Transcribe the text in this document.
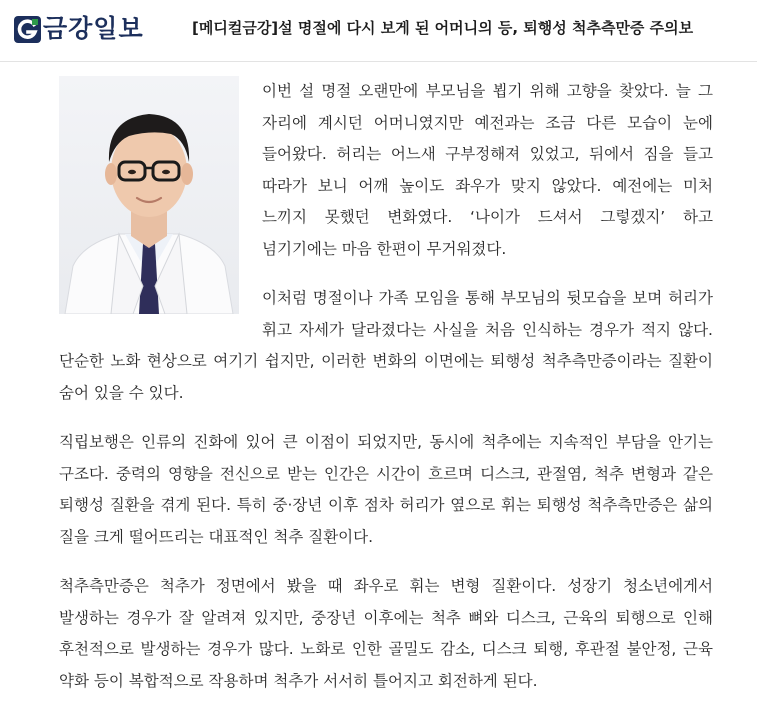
금강일보	[메디컬금강]설 명절에 다시 보게 된 어머니의 등, 퇴행성 척추측만증 주의보

이번 설 명절 오랜만에 부모님을 뵙기 위해 고향을 찾았다. 늘 그 자리에 계시던 어머니였지만 예전과는 조금 다른 모습이 눈에 들어왔다. 허리는 어느새 구부정해져 있었고, 뒤에서 짐을 들고 따라가 보니 어깨 높이도 좌우가 맞지 않았다. 예전에는 미처 느끼지 못했던 변화였다. ‘나이가 드셔서 그렇겠지’ 하고 넘기기에는 마음 한편이 무거워졌다.

이처럼 명절이나 가족 모임을 통해 부모님의 뒷모습을 보며 허리가 휘고 자세가 달라졌다는 사실을 처음 인식하는 경우가 적지 않다. 단순한 노화 현상으로 여기기 쉽지만, 이러한 변화의 이면에는 퇴행성 척추측만증이라는 질환이 숨어 있을 수 있다.

직립보행은 인류의 진화에 있어 큰 이점이 되었지만, 동시에 척추에는 지속적인 부담을 안기는 구조다. 중력의 영향을 전신으로 받는 인간은 시간이 흐르며 디스크, 관절염, 척추 변형과 같은 퇴행성 질환을 겪게 된다. 특히 중·장년 이후 점차 허리가 옆으로 휘는 퇴행성 척추측만증은 삶의 질을 크게 떨어뜨리는 대표적인 척추 질환이다.

척추측만증은 척추가 정면에서 봤을 때 좌우로 휘는 변형 질환이다. 성장기 청소년에게서 발생하는 경우가 잘 알려져 있지만, 중장년 이후에는 척추 뼈와 디스크, 근육의 퇴행으로 인해 후천적으로 발생하는 경우가 많다. 노화로 인한 골밀도 감소, 디스크 퇴행, 후관절 불안정, 근육 약화 등이 복합적으로 작용하며 척추가 서서히 틀어지고 회전하게 된다.
